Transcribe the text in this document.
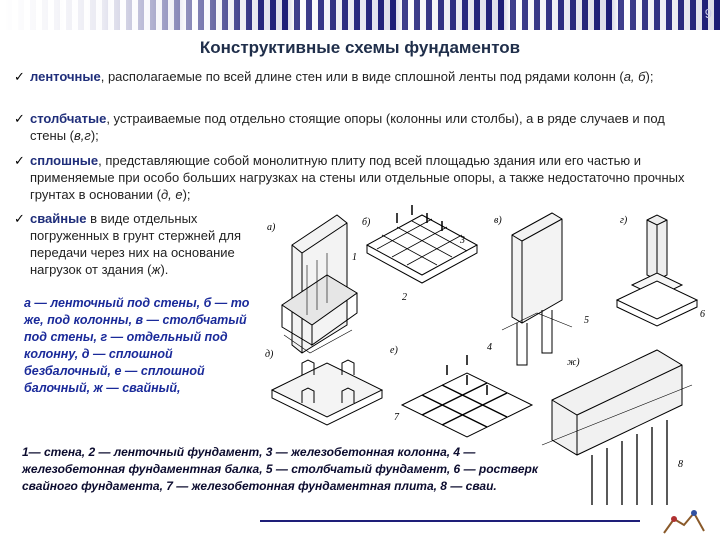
9
Конструктивные схемы фундаментов
✓ ленточные, располагаемые по всей длине стен или в виде сплошной ленты под рядами колонн (а, б);
✓ столбчатые, устраиваемые под отдельно стоящие опоры (колонны или столбы), а в ряде случаев и под стены (в,г);
✓ сплошные, представляющие собой монолитную плиту под всей площадью здания или его частью и применяемые при особо больших нагрузках на стены или отдельные опоры, а также недостаточно прочных грунтах в основании (д, е);
✓ свайные в виде отдельных погруженных в грунт стержней для передачи через них на основание нагрузок от здания (ж).
а — ленточный под стены, б — то же, под колонны, в — столбчатый под стены, г — отдельный под колонну, д — сплошной безбалочный, е — сплошной балочный, ж — свайный,
1— стена, 2 — ленточный фундамент, 3 — железобетонная колонна, 4 — железобетонная фундаментная балка, 5 — столбчатый фундамент, 6 — ростверк свайного фундамента, 7 — железобетонная фундаментная плита, 8 — сваи.
а)	б)	в)	г)
д)	е)
ж)
1
2
3
4
5
6
7
8
